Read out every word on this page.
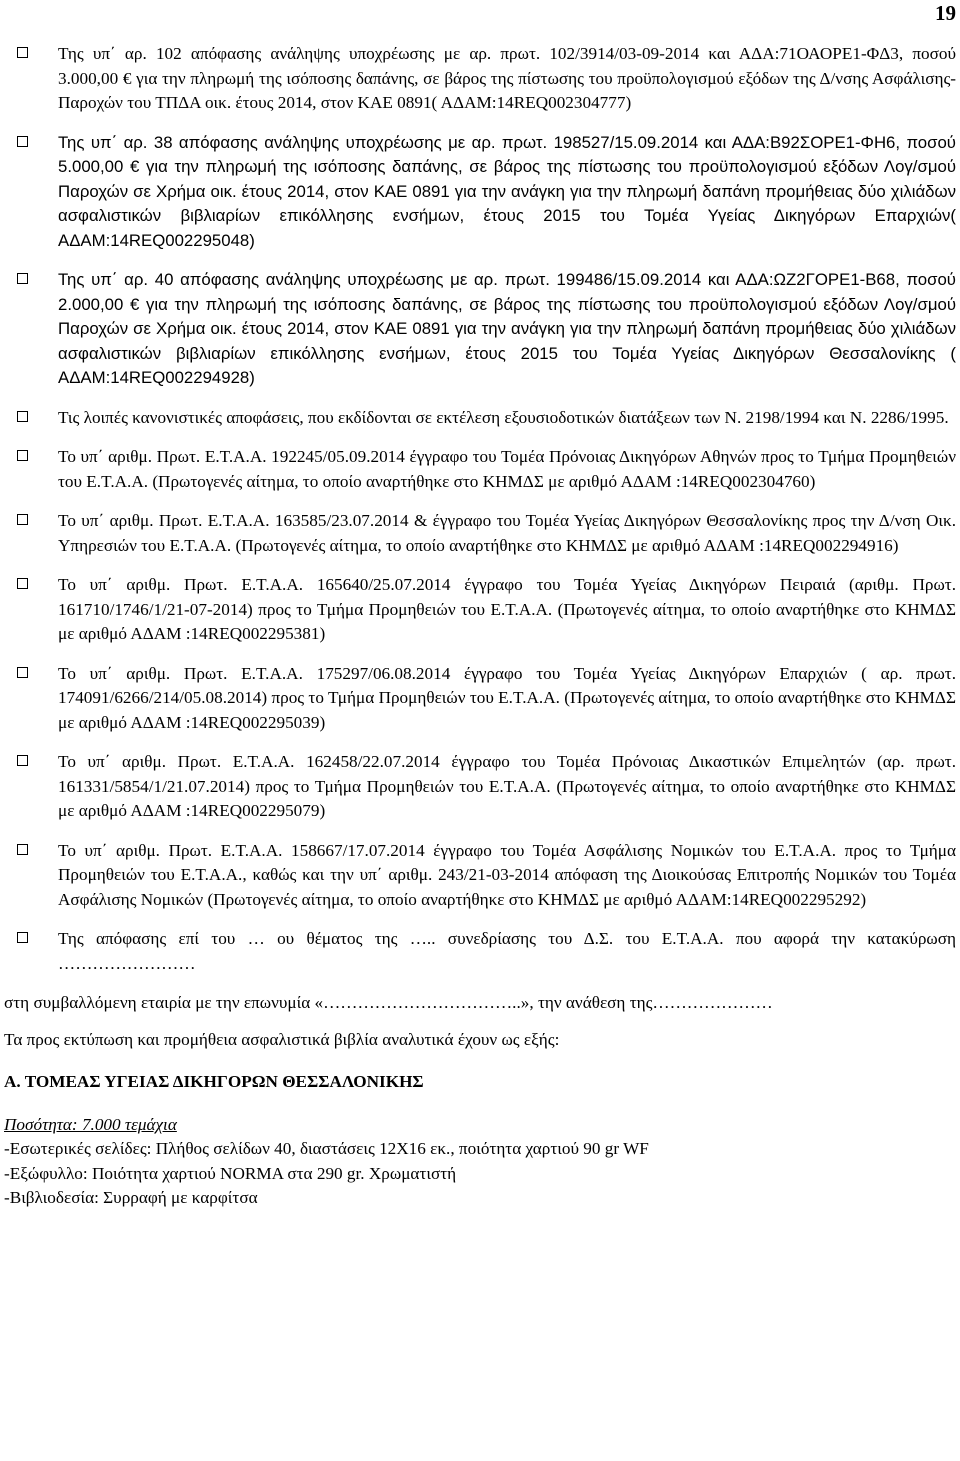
19
Της υπ΄ αρ. 102 απόφασης ανάληψης υποχρέωσης με αρ. πρωτ. 102/3914/03-09-2014 και ΑΔΑ:71ΟΑΟΡΕ1-ΦΔ3, ποσού 3.000,00 € για την πληρωμή της ισόποσης δαπάνης, σε βάρος της πίστωσης του προϋπολογισμού εξόδων της Δ/νσης Ασφάλισης-Παροχών του ΤΠΔΑ οικ. έτους 2014, στον ΚΑΕ 0891( ΑΔΑΜ:14REQ002304777)
Της υπ΄ αρ. 38 απόφασης ανάληψης υποχρέωσης με αρ. πρωτ. 198527/15.09.2014 και ΑΔΑ:Β92ΣΟΡΕ1-ΦΗ6, ποσού 5.000,00 € για την πληρωμή της ισόποσης δαπάνης, σε βάρος της πίστωσης του προϋπολογισμού εξόδων Λογ/σμού Παροχών σε Χρήμα οικ. έτους 2014, στον ΚΑΕ 0891 για την ανάγκη για την πληρωμή δαπάνη προμήθειας δύο χιλιάδων ασφαλιστικών βιβλιαρίων επικόλλησης ενσήμων, έτους 2015 του Τομέα Υγείας Δικηγόρων Επαρχιών( ΑΔΑΜ:14REQ002295048)
Της υπ΄ αρ. 40 απόφασης ανάληψης υποχρέωσης με αρ. πρωτ. 199486/15.09.2014 και ΑΔΑ:ΩΖ2ΓΟΡΕ1-Β68, ποσού 2.000,00 € για την πληρωμή της ισόποσης δαπάνης, σε βάρος της πίστωσης του προϋπολογισμού εξόδων Λογ/σμού Παροχών σε Χρήμα οικ. έτους 2014, στον ΚΑΕ 0891 για την ανάγκη για την πληρωμή δαπάνη προμήθειας δύο χιλιάδων ασφαλιστικών βιβλιαρίων επικόλλησης ενσήμων, έτους 2015 του Τομέα Υγείας Δικηγόρων Θεσσαλονίκης ( ΑΔΑΜ:14REQ002294928)
Τις λοιπές κανονιστικές αποφάσεις, που εκδίδονται σε εκτέλεση εξουσιοδοτικών διατάξεων των Ν. 2198/1994 και Ν. 2286/1995.
Το υπ΄ αριθμ. Πρωτ. Ε.Τ.Α.Α. 192245/05.09.2014 έγγραφο του Τομέα Πρόνοιας Δικηγόρων Αθηνών προς το Τμήμα Προμηθειών του Ε.Τ.Α.Α. (Πρωτογενές αίτημα, το οποίο αναρτήθηκε στο ΚΗΜΔΣ με αριθμό ΑΔΑΜ :14REQ002304760)
Το υπ΄ αριθμ. Πρωτ. Ε.Τ.Α.Α. 163585/23.07.2014 & έγγραφο του Τομέα Υγείας Δικηγόρων Θεσσαλονίκης προς την Δ/νση Οικ. Υπηρεσιών του Ε.Τ.Α.Α. (Πρωτογενές αίτημα, το οποίο αναρτήθηκε στο ΚΗΜΔΣ με αριθμό ΑΔΑΜ :14REQ002294916)
Το υπ΄ αριθμ. Πρωτ. Ε.Τ.Α.Α. 165640/25.07.2014 έγγραφο του Τομέα Υγείας Δικηγόρων Πειραιά (αριθμ. Πρωτ. 161710/1746/1/21-07-2014) προς το Τμήμα Προμηθειών του Ε.Τ.Α.Α. (Πρωτογενές αίτημα, το οποίο αναρτήθηκε στο ΚΗΜΔΣ με αριθμό ΑΔΑΜ :14REQ002295381)
Το υπ΄ αριθμ. Πρωτ. Ε.Τ.Α.Α. 175297/06.08.2014 έγγραφο του Τομέα Υγείας Δικηγόρων Επαρχιών ( αρ. πρωτ. 174091/6266/214/05.08.2014) προς το Τμήμα Προμηθειών του Ε.Τ.Α.Α. (Πρωτογενές αίτημα, το οποίο αναρτήθηκε στο ΚΗΜΔΣ με αριθμό ΑΔΑΜ :14REQ002295039)
Το υπ΄ αριθμ. Πρωτ. Ε.Τ.Α.Α. 162458/22.07.2014 έγγραφο του Τομέα Πρόνοιας Δικαστικών Επιμελητών (αρ. πρωτ. 161331/5854/1/21.07.2014) προς το Τμήμα Προμηθειών του Ε.Τ.Α.Α. (Πρωτογενές αίτημα, το οποίο αναρτήθηκε στο ΚΗΜΔΣ με αριθμό ΑΔΑΜ :14REQ002295079)
Το υπ΄ αριθμ. Πρωτ. Ε.Τ.Α.Α. 158667/17.07.2014 έγγραφο του Τομέα Ασφάλισης Νομικών του Ε.Τ.Α.Α. προς το Τμήμα Προμηθειών του Ε.Τ.Α.Α., καθώς και την υπ΄ αριθμ. 243/21-03-2014 απόφαση της Διοικούσας Επιτροπής Νομικών του Τομέα Ασφάλισης Νομικών (Πρωτογενές αίτημα, το οποίο αναρτήθηκε στο ΚΗΜΔΣ με αριθμό ΑΔΑΜ:14REQ002295292)
Της απόφασης επί του … ου θέματος της ….. συνεδρίασης του Δ.Σ. του Ε.Τ.Α.Α. που αφορά την κατακύρωση ……………………

στη συμβαλλόμενη εταιρία με την επωνυμία «……………………………..», την ανάθεση της…………………

Τα προς εκτύπωση και προμήθεια ασφαλιστικά βιβλία αναλυτικά έχουν ως εξής:

Α. ΤΟΜΕΑΣ ΥΓΕΙΑΣ ΔΙΚΗΓΟΡΩΝ ΘΕΣΣΑΛΟΝΙΚΗΣ

Ποσότητα: 7.000 τεμάχια

-Εσωτερικές σελίδες: Πλήθος σελίδων 40, διαστάσεις 12Χ16 εκ., ποιότητα χαρτιού 90 gr WF

-Εξώφυλλο: Ποιότητα χαρτιού NORMA στα 290 gr. Χρωματιστή

-Βιβλιοδεσία: Συρραφή με καρφίτσα
